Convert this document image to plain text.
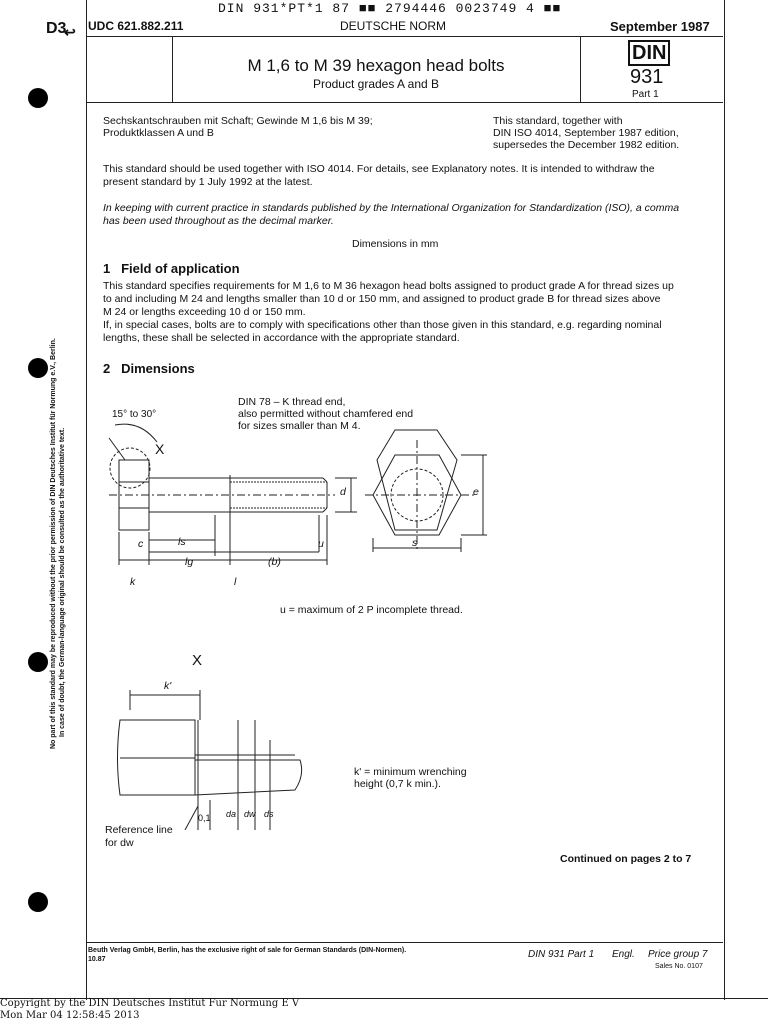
DIN 931*PT*1 87 ■■ 2794446 0023749 4 ■■
D3
↩ UDC 621.882.211	DEUTSCHE NORM	September 1987
M 1,6 to M 39 hexagon head bolts
Product grades A and B
DIN
931
Part 1
Sechskantschrauben mit Schaft; Gewinde M 1,6 bis M 39;
Produktklassen A und B
This standard, together with
DIN ISO 4014, September 1987 edition,
supersedes the December 1982 edition.
This standard should be used together with ISO 4014. For details, see Explanatory notes. It is intended to withdraw the
present standard by 1 July 1992 at the latest.
In keeping with current practice in standards published by the International Organization for Standardization (ISO), a comma
has been used throughout as the decimal marker.
Dimensions in mm
1   Field of application
This standard specifies requirements for M 1,6 to M 36 hexagon head bolts assigned to product grade A for thread sizes up
to and including M 24 and lengths smaller than 10 d or 150 mm, and assigned to product grade B for thread sizes above
M 24 or lengths exceeding 10 d or 150 mm.
If, in special cases, bolts are to comply with specifications other than those given in this standard, e.g. regarding nominal
lengths, these shall be selected in accordance with the appropriate standard.
2   Dimensions
DIN 78 – K thread end,
also permitted without chamfered end
for sizes smaller than M 4.
15° to 30°
X
c	ls
lg	(b)
u
k	l
d	e
s
u = maximum of 2 P incomplete thread.
X
k'
k' = minimum wrenching
height (0,7 k min.).
0,1 da dw ds
Reference line
for dw
Continued on pages 2 to 7
No part of this standard may be reproduced without the prior permission of DIN Deutsches Institut für Normung e.V., Berlin. In case of doubt, the German-language original should be consulted as the authoritative text.
Beuth Verlag GmbH, Berlin, has the exclusive right of sale for German Standards (DIN-Normen).
10.87	DIN 931 Part 1 Engl. Price group 7
Sales No. 0107
Copyright by the DIN Deutsches Institut Fur Normung E V
Mon Mar 04 12:58:45 2013
